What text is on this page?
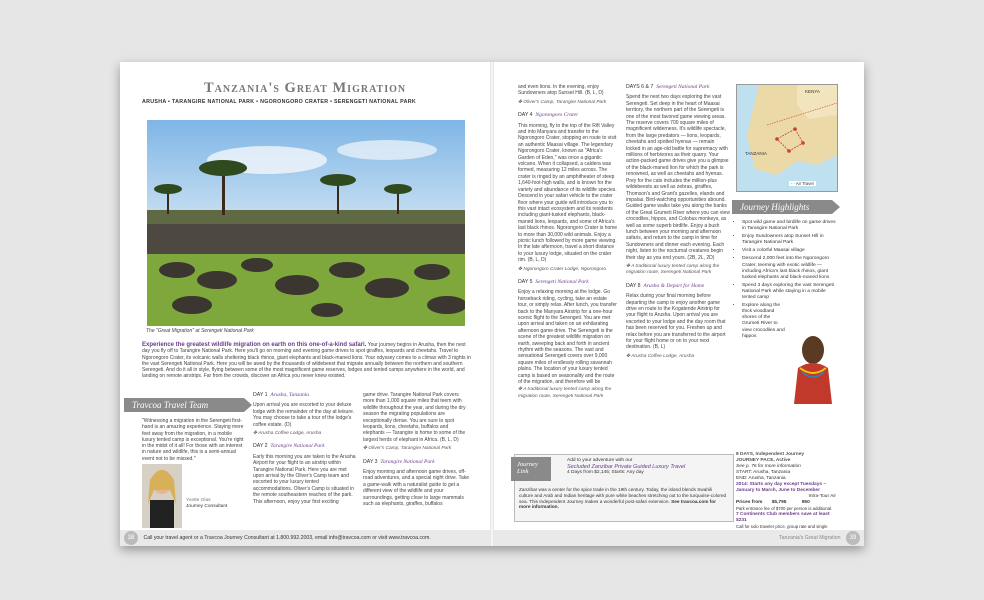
Tanzania's Great Migration
ARUSHA • TARANGIRE NATIONAL PARK • NGORONGORO CRATER • SERENGETI NATIONAL PARK
The "Great Migration" at Serengeti National Park
Experience the greatest wildlife migration on earth on this one-of-a-kind safari. Your journey begins in Arusha, then the next day you fly off to Tarangire National Park. Here you'll go on morning and evening game drives to spot giraffes, leopards and cheetahs. Travel to Ngorongoro Crater, its volcanic walls sheltering black rhinos, giant elephants and black-maned lions. Your odyssey comes to a climax with 3 nights in the vast Serengeti National Park. Here you will be awed by the thousands of wildebeest that migrate annually between the northern and southern Serengeti. And do it all in style, flying between some of the most magnificent game reserves, lodges and tented camps anywhere in the world, and landing on remote airstrips. Far from the crowds, discover an Africa you never knew existed.
Travcoa Travel Team
"Witnessing a migration in the Serengeti first-hand is an amazing experience. Staying mere feet away from the migration, in a mobile luxury tented camp is exceptional. You're right in the midst of it all! For those with an interest in nature and wildlife, this is a semi-annual event not to be missed."
Yvette Glas
Journey Consultant
DAY 1 Arusha, Tanzania
Upon arrival you are escorted to your deluxe lodge with the remainder of the day at leisure. You may choose to take a tour of the lodge's coffee estate. (D)
✤ Arusha Coffee Lodge, Arusha
DAY 2 Tarangire National Park
Early this morning you are taken to the Arusha Airport for your flight to an airstrip within Tarangire National Park. Here you are met upon arrival by the Oliver's Camp team and escorted to your luxury tented accommodations. Oliver's Camp is situated in the remote southeastern reaches of the park. This afternoon, enjoy your first exciting
game drive. Tarangire National Park covers more than 1,000 square miles that teem with wildlife throughout the year, and during the dry season the migrating populations are exceptionally dense. You are sure to spot leopards, lions, cheetahs, buffalos and elephants — Tarangire is home to some of the largest herds of elephant in Africa. (B, L, D)
✤ Oliver's Camp, Tarangire National Park
DAY 3 Tarangire National Park
Enjoy morning and afternoon game drives, off-road adventures, and a special night drive. Take a game-walk with a naturalist guide to get a different view of the wildlife and your surroundings, getting close to large mammals such as elephants, giraffes, buffalos
38 Call your travel agent or a Travcoa Journey Consultant at 1.800.992.2003, email info@travcoa.com or visit www.travcoa.com.
and even lions. In the evening, enjoy Sundowners atop Sunset Hill. (B, L, D)
✤ Oliver's Camp, Tarangire National Park
DAY 4 Ngorongoro Crater
This morning, fly to the top of the Rift Valley and into Manyara and transfer to the Ngorongoro Crater, stopping en route to visit an authentic Maasai village. The legendary Ngorongoro Crater, known as "Africa's Garden of Eden," was once a gigantic volcano. When it collapsed, a caldera was formed, measuring 12 miles across. The crater is ringed by an amphitheater of steep 1,640-foot-high walls, and is known for the variety and abundance of its wildlife species. Descend in your safari vehicle to the crater floor where your guide will introduce you to this vast intact ecosystem and its residents including giant-tusked elephants, black-maned lions, leopards, and some of Africa's last black rhinos. Ngorongoro Crater is home to more than 30,000 wild animals. Enjoy a picnic lunch followed by more game viewing. In the late afternoon, travel a short distance to your luxury lodge, situated on the crater rim. (B, L, D)
✤ Ngorongoro Crater Lodge, Ngorongoro
DAY 5 Serengeti National Park
Enjoy a relaxing morning at the lodge. Go horseback riding, cycling, take an estate tour, or simply relax. After lunch, you transfer back to the Manyara Airstrip for a one-hour scenic flight to the Serengeti. You are met upon arrival and taken on an exhilarating afternoon game drive. The Serengeti is the scene of the greatest wildlife migration on earth, sweeping back and forth in ancient rhythm with the seasons. The vast and sensational Serengeti covers over 9,000 square miles of endlessly rolling savannah plains. The location of your luxury tented camp is based on seasonality and the route of the migration, and therefore will be
✤ A traditional luxury tented camp along the migration route, Serengeti National Park
DAYS 6 & 7 Serengeti National Park
Spend the next two days exploring the vast Serengeti. Set deep in the heart of Maasai territory, the northern part of the Serengeti is one of the most favored game viewing areas. The reserve covers 700 square miles of magnificent wilderness. It's wildlife spectacle, from the large predators — lions, leopards, cheetahs and spotted hyenas — remain locked in an age-old battle for supremacy with millions of herbivores as their quarry. Your action-packed game drives give you a glimpse of the black-maned lion for which the park is renowned, as well as cheetahs and hyenas. Prey for the cats includes the million-plus wildebeests as well as zebras, giraffes, Thomson's and Grant's gazelles, elands and impalas. Bird-watching opportunities abound. Guided game walks take you along the banks of the Great Grumeti River where you can view crocodiles, hippos, and Colobus monkeys, as well as some superb birdlife. Enjoy a bush lunch between your morning and afternoon safaris, and return to the camp in time for Sundowners and dinner each evening. Each night, listen to the nocturnal creatures begin their day as you end yours. (2B, 2L, 2D)
✤ A traditional luxury tented camp along the migration route, Serengeti National Park
DAY 8 Arusha & Depart for Home
Relax during your final morning before departing the camp to enjoy another game drive en route to the Kogatende Airstrip for your flight to Arusha. Upon arrival you are escorted to your lodge and the day room that has been reserved for you. Freshen up and relax before you are transferred to the airport for your flight home or on to your next destination. (B, L)
✤ Arusha Coffee Lodge, Arusha
KENYA
TANZANIA
- - Air Travel
Journey Highlights
• Spot wild game and birdlife on game drives in Tarangire National Park
• Enjoy Sundowners atop Sunset Hill in Tarangire National Park
• Visit a colorful Maasai village
• Descend 2,000 feet into the Ngorongoro Crater, teeming with exotic wildlife — including Africa's last black rhinos, giant tusked elephants and black-maned lions
• Spend 3 days exploring the vast Serengeti National Park while staying in a mobile tented camp
• Explore along the thick woodland shores of the Grumeti River to view crocodiles and hippos
Journey Link
Add to your adventure with our
Secluded Zanzibar Private Guided Luxury Travel
4 Days from $2,145; Starts: Any day
Zanzibar was a center for the spice trade in the 19th century. Today, the island blends Swahili culture and Arab and Indian heritage with pure white beaches stretching out to the turquoise-colored sea. This Independent Journey makes a wonderful post-safari extension. See travcoa.com for more information.
8 DAYS, Independent Journey
JOURNEY PACE, Active
See p. 76 for more information
START: Arusha, Tanzania
END: Arusha, Tanzania
2014: Starts any day except Tuesdays – January to March, June to December
Intra-Tour Air
Prices from $5,795	950
Park entrance fee of $700 per person is additional.
7 Continents Club members save at least $231
Call for solo traveler price, group rate and single
Tanzania's Great Migration 39
